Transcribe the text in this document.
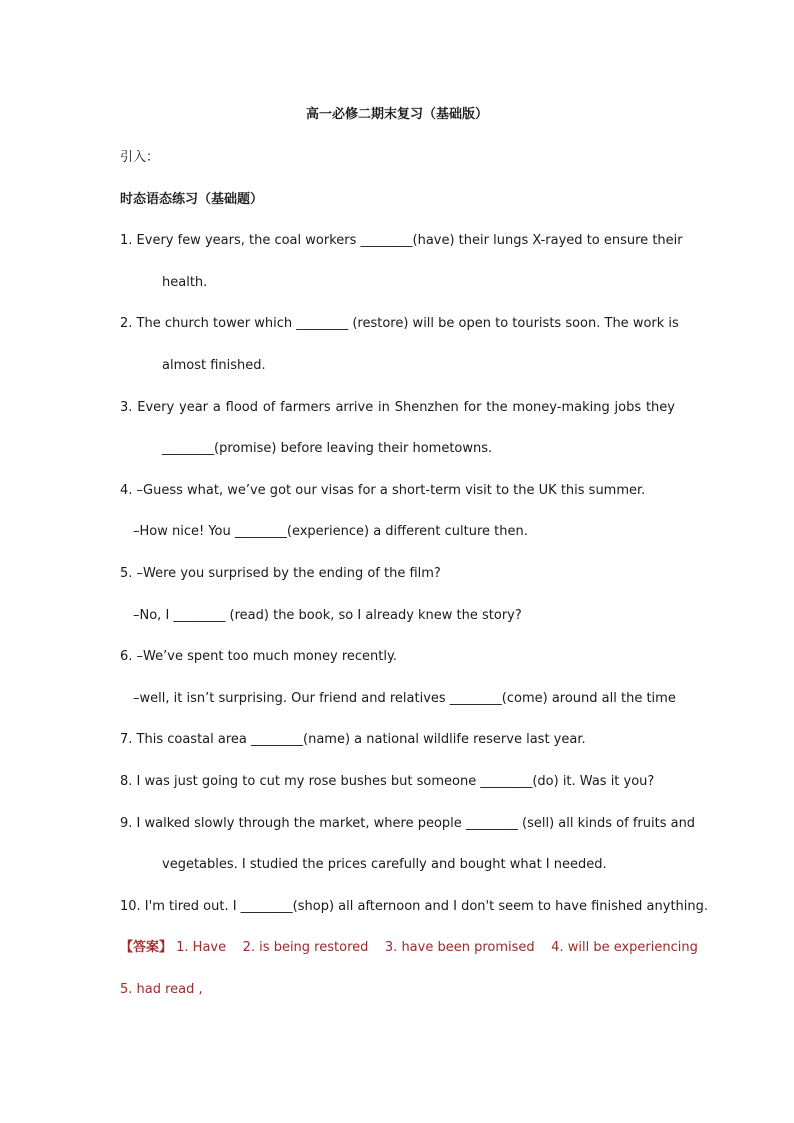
高一必修二期末复习（基础版）
引入：
时态语态练习（基础题）
1. Every few years, the coal workers ________(have) their lungs X-rayed to ensure their
health.
2. The church tower which ________ (restore) will be open to tourists soon. The work is
almost finished.
3. Every year a flood of farmers arrive in Shenzhen for the money-making jobs they
________(promise) before leaving their hometowns.
4. –Guess what, we’ve got our visas for a short-term visit to the UK this summer.
–How nice! You ________(experience) a different culture then.
5. –Were you surprised by the ending of the film?
–No, I ________ (read) the book, so I already knew the story?
6. –We’ve spent too much money recently.
–well, it isn’t surprising. Our friend and relatives ________(come) around all the time
7. This coastal area ________(name) a national wildlife reserve last year.
8. I was just going to cut my rose bushes but someone ________(do) it. Was it you?
9. I walked slowly through the market, where people ________ (sell) all kinds of fruits and
vegetables. I studied the prices carefully and bought what I needed.
10. I'm tired out. I ________(shop) all afternoon and I don't seem to have finished anything.
【答案】 1. Have    2. is being restored    3. have been promised    4. will be experiencing
5. had read ,
